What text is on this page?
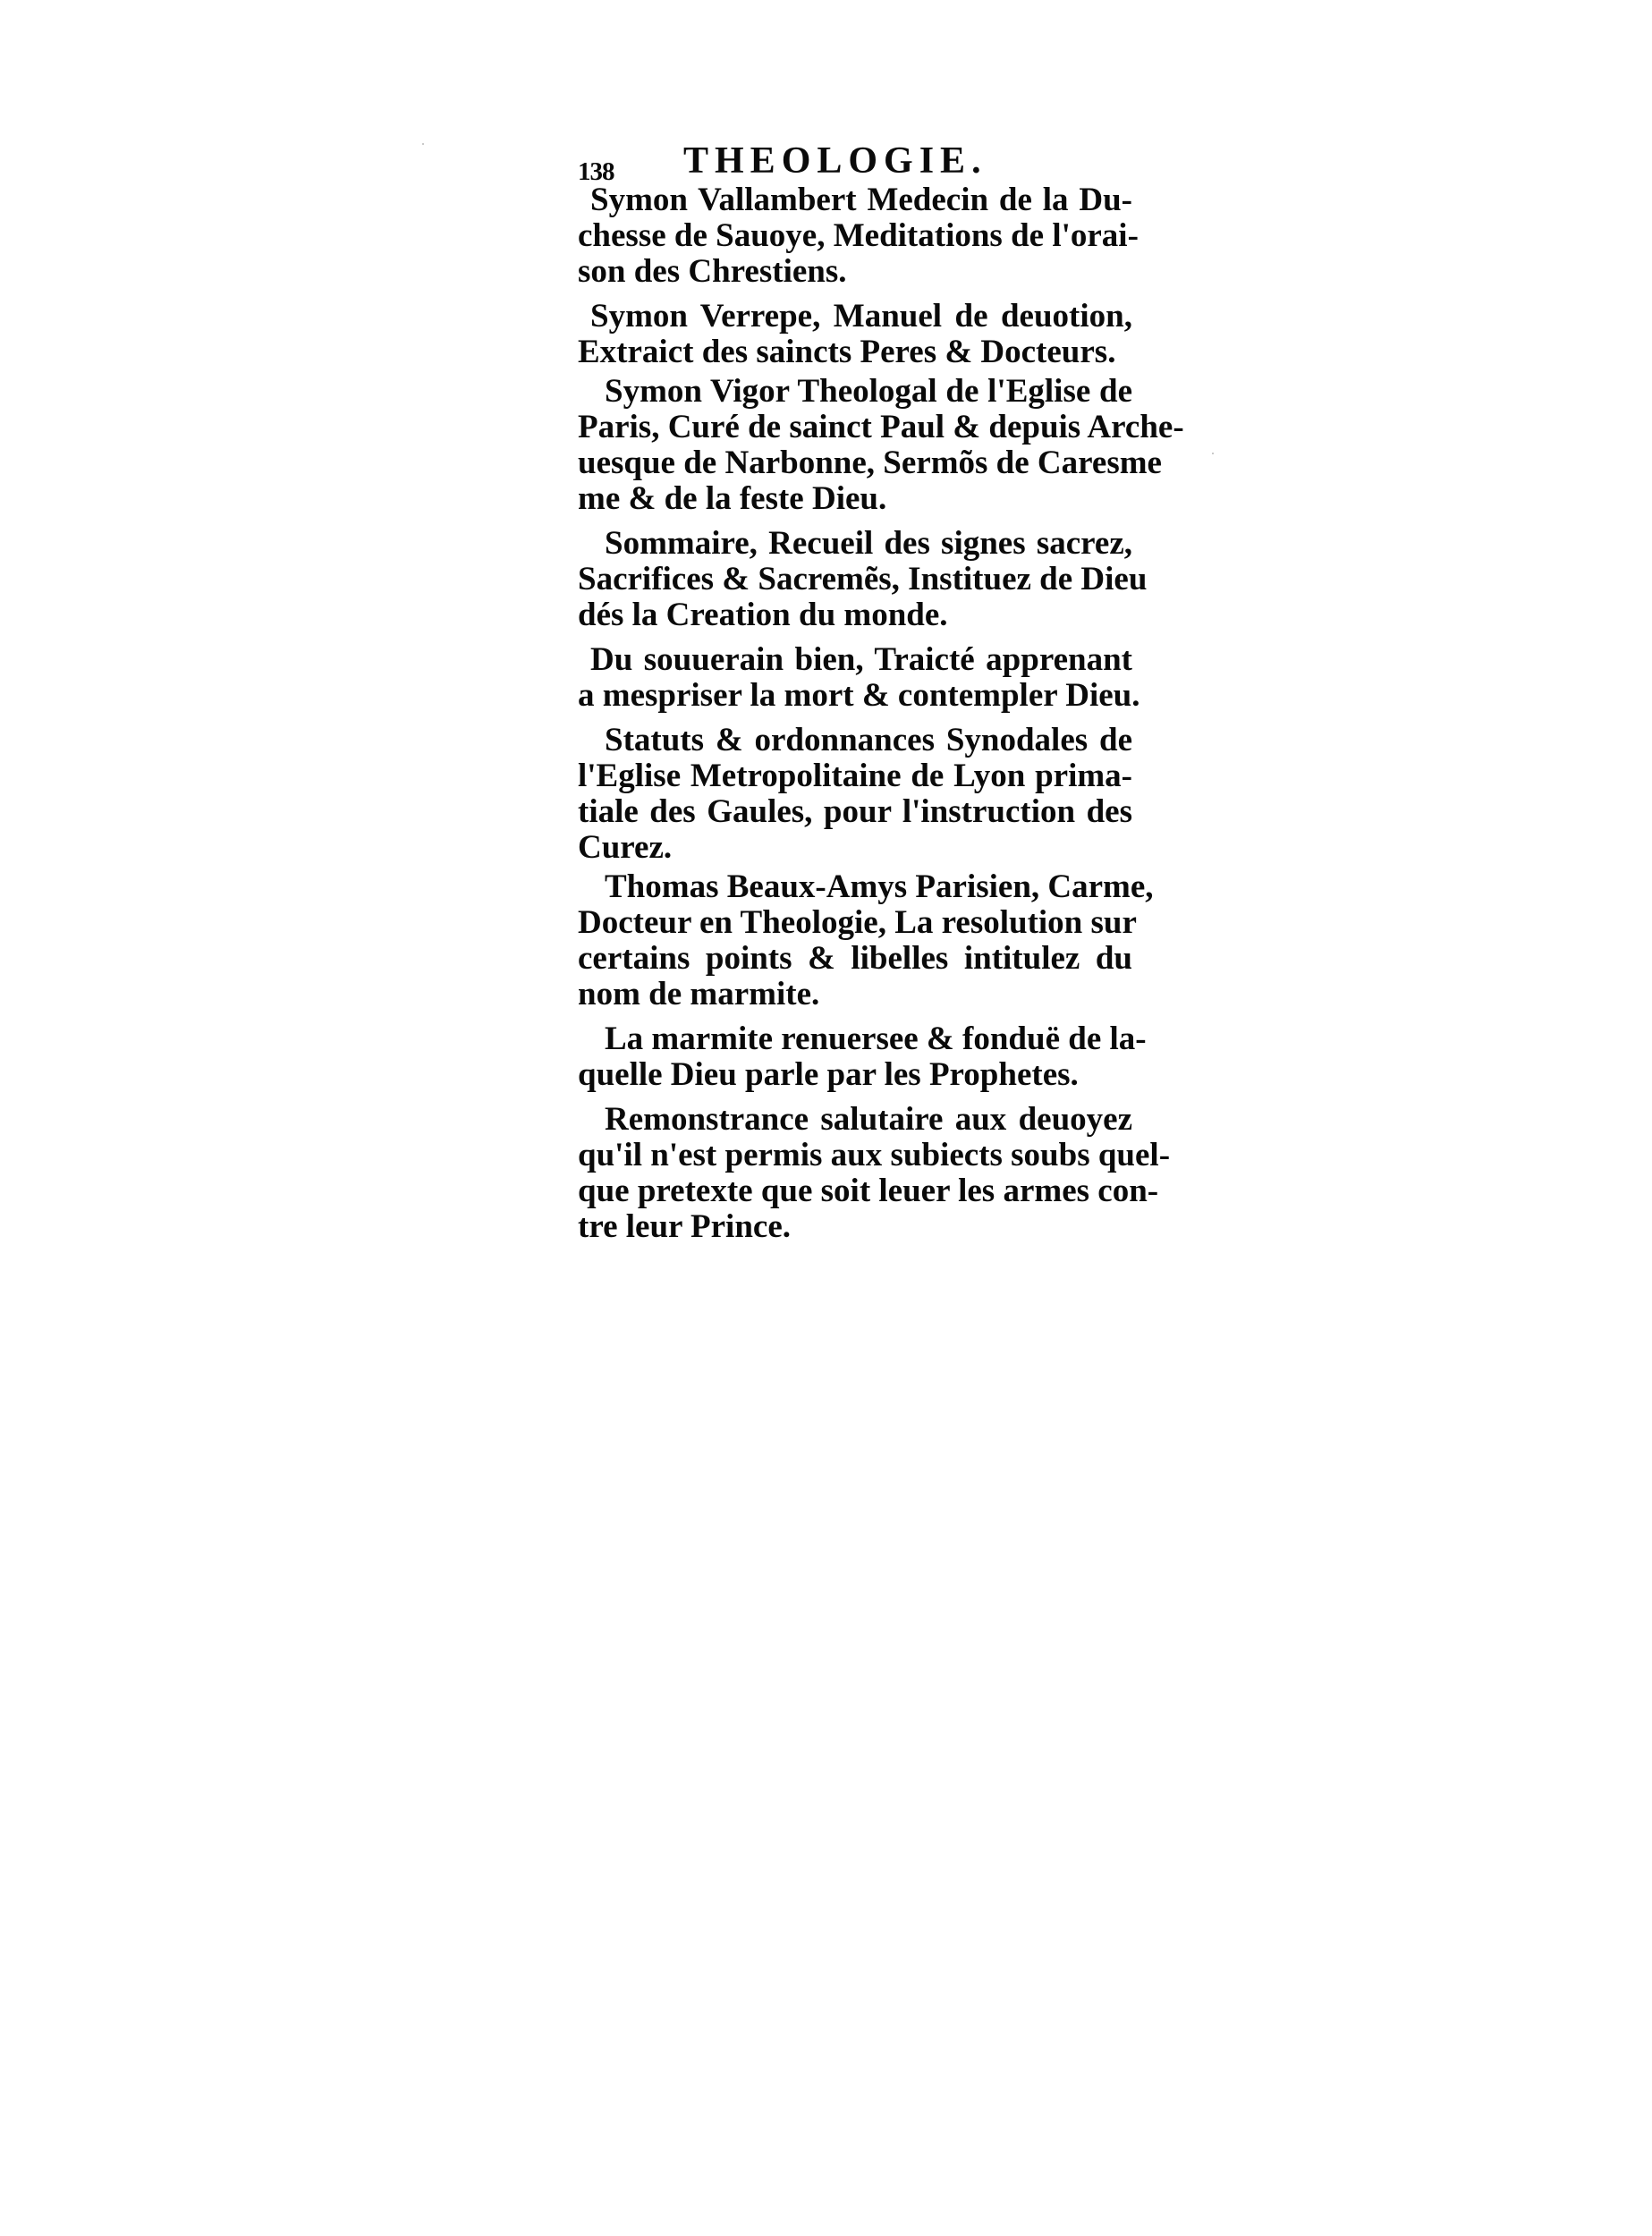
138 THEOLOGIE.
Symon Vallambert Medecin de la Du-
chesse de Sauoye, Meditations de l'orai-
son des Chrestiens.
Symon Verrepe, Manuel de deuotion,
Extraict des saincts Peres & Docteurs.
Symon Vigor Theologal de l'Eglise de
Paris, Curé de sainct Paul & depuis Arche-
uesque de Narbonne, Sermõs de Caresme
me & de la feste Dieu.
Sommaire, Recueil des signes sacrez,
Sacrifices & Sacremẽs, Instituez de Dieu
dés la Creation du monde.
Du souuerain bien, Traicté apprenant
a mespriser la mort & contempler Dieu.
Statuts & ordonnances Synodales de
l'Eglise Metropolitaine de Lyon prima-
tiale des Gaules, pour l'instruction des
Curez.
Thomas Beaux-Amys Parisien, Carme,
Docteur en Theologie, La resolution sur
certains points & libelles intitulez du
nom de marmite.
La marmite renuersee & fonduë de la-
quelle Dieu parle par les Prophetes.
Remonstrance salutaire aux deuoyez
qu'il n'est permis aux subiects soubs quel-
que pretexte que soit leuer les armes con-
tre leur Prince.
